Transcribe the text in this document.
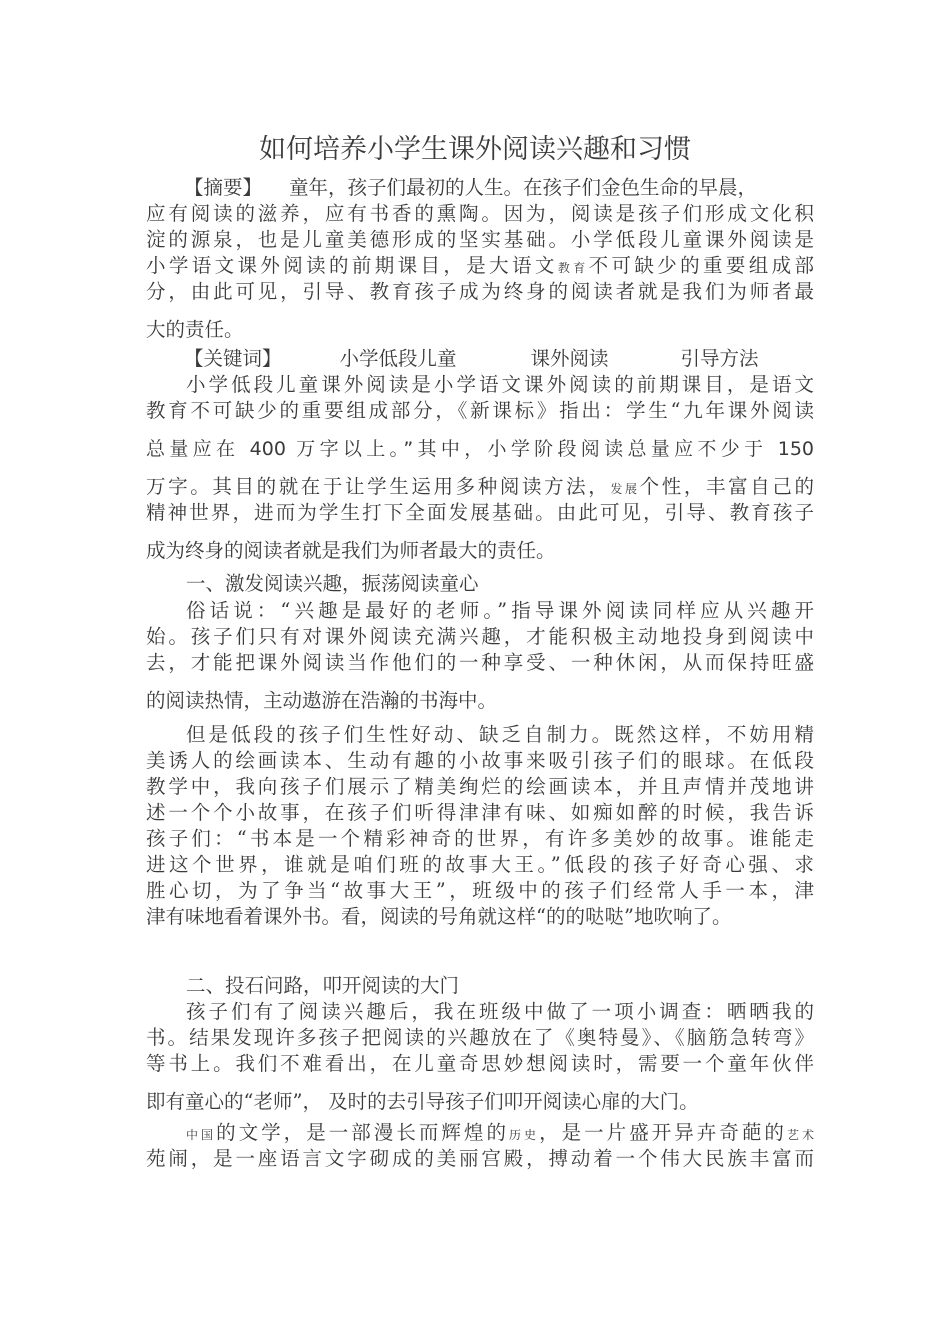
如何培养小学生课外阅读兴趣和习惯
【摘要】 童年，孩子们最初的人生。在孩子们金色生命的早晨，
应有阅读的滋养，应有书香的熏陶。因为，阅读是孩子们形成文化积
淀的源泉，也是儿童美德形成的坚实基础。小学低段儿童课外阅读是
小学语文课外阅读的前期课目，是大语文教育不可缺少的重要组成部
分，由此可见，引导、教育孩子成为终身的阅读者就是我们为师者最
大的责任。
【关键词】	小学低段儿童	课外阅读	引导方法
小学低段儿童课外阅读是小学语文课外阅读的前期课目，是语文
教育不可缺少的重要组成部分，《新课标》指出：学生“九年课外阅读
总量应在 400 万字以上。”其中，小学阶段阅读总量应不少于 150
万字。其目的就在于让学生运用多种阅读方法，发展个性，丰富自己的
精神世界，进而为学生打下全面发展基础。由此可见，引导、教育孩子
成为终身的阅读者就是我们为师者最大的责任。
一、激发阅读兴趣，振荡阅读童心
俗话说：“兴趣是最好的老师。”指导课外阅读同样应从兴趣开
始。孩子们只有对课外阅读充满兴趣，才能积极主动地投身到阅读中
去，才能把课外阅读当作他们的一种享受、一种休闲，从而保持旺盛
的阅读热情，主动遨游在浩瀚的书海中。
但是低段的孩子们生性好动、缺乏自制力。既然这样，不妨用精
美诱人的绘画读本、生动有趣的小故事来吸引孩子们的眼球。在低段
教学中，我向孩子们展示了精美绚烂的绘画读本，并且声情并茂地讲
述一个个小故事，在孩子们听得津津有味、如痴如醉的时候，我告诉
孩子们：“书本是一个精彩神奇的世界，有许多美妙的故事。谁能走
进这个世界，谁就是咱们班的故事大王。”低段的孩子好奇心强、求
胜心切，为了争当“故事大王”，班级中的孩子们经常人手一本，津
津有味地看着课外书。看，阅读的号角就这样“的的哒哒”地吹响了。
二、投石问路，叩开阅读的大门
孩子们有了阅读兴趣后，我在班级中做了一项小调查：晒晒我的
书。结果发现许多孩子把阅读的兴趣放在了《奥特曼》、《脑筋急转弯》
等书上。我们不难看出，在儿童奇思妙想阅读时，需要一个童年伙伴
即有童心的“老师”， 及时的去引导孩子们叩开阅读心扉的大门。
中国的文学，是一部漫长而辉煌的历史，是一片盛开异卉奇葩的艺术
苑闹，是一座语言文字砌成的美丽宫殿，搏动着一个伟大民族丰富而
